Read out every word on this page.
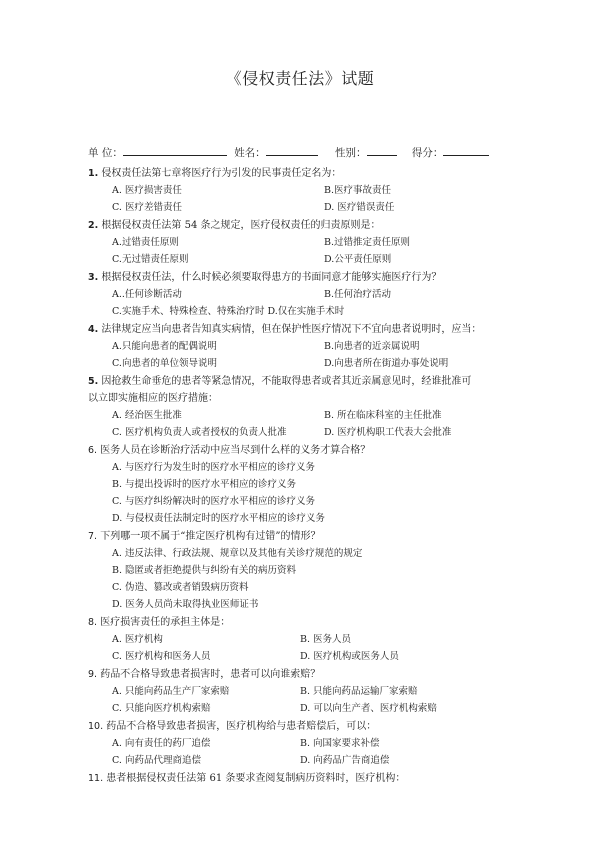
《侵权责任法》试题
单 位：	姓名：	性别：	得分：
1. 侵权责任法第七章将医疗行为引发的民事责任定名为：
A. 医疗损害责任	B.医疗事故责任
C. 医疗差错责任	D. 医疗错误责任
2. 根据侵权责任法第 54 条之规定，医疗侵权责任的归责原则是：
A.过错责任原则	B.过错推定责任原则
C.无过错责任原则	D.公平责任原则
3. 根据侵权责任法，什么时候必须要取得患方的书面同意才能够实施医疗行为？
A..任何诊断活动	B.任何治疗活动
C.实施手术、特殊检查、特殊治疗时 D.仅在实施手术时
4. 法律规定应当向患者告知真实病情，但在保护性医疗情况下不宜向患者说明时，应当：
A.只能向患者的配偶说明	B.向患者的近亲属说明
C.向患者的单位领导说明	D.向患者所在街道办事处说明
5. 因抢救生命垂危的患者等紧急情况，不能取得患者或者其近亲属意见时，经谁批准可
以立即实施相应的医疗措施：
A. 经治医生批准	B. 所在临床科室的主任批准
C. 医疗机构负责人或者授权的负责人批准	D. 医疗机构职工代表大会批准
6. 医务人员在诊断治疗活动中应当尽到什么样的义务才算合格？
A. 与医疗行为发生时的医疗水平相应的诊疗义务
B. 与提出投诉时的医疗水平相应的诊疗义务
C. 与医疗纠纷解决时的医疗水平相应的诊疗义务
D. 与侵权责任法制定时的医疗水平相应的诊疗义务
7. 下列哪一项不属于“推定医疗机构有过错”的情形？
A. 违反法律、行政法规、规章以及其他有关诊疗规范的规定
B. 隐匿或者拒绝提供与纠纷有关的病历资料
C. 伪造、篡改或者销毁病历资料
D. 医务人员尚未取得执业医师证书
8. 医疗损害责任的承担主体是：
A. 医疗机构	B. 医务人员
C. 医疗机构和医务人员	D. 医疗机构或医务人员
9. 药品不合格导致患者损害时，患者可以向谁索赔？
A. 只能向药品生产厂家索赔	B. 只能向药品运输厂家索赔
C. 只能向医疗机构索赔	D. 可以向生产者、医疗机构索赔
10. 药品不合格导致患者损害，医疗机构给与患者赔偿后，可以：
A. 向有责任的药厂追偿	B. 向国家要求补偿
C. 向药品代理商追偿	D. 向药品广告商追偿
11. 患者根据侵权责任法第 61 条要求查阅复制病历资料时，医疗机构：
